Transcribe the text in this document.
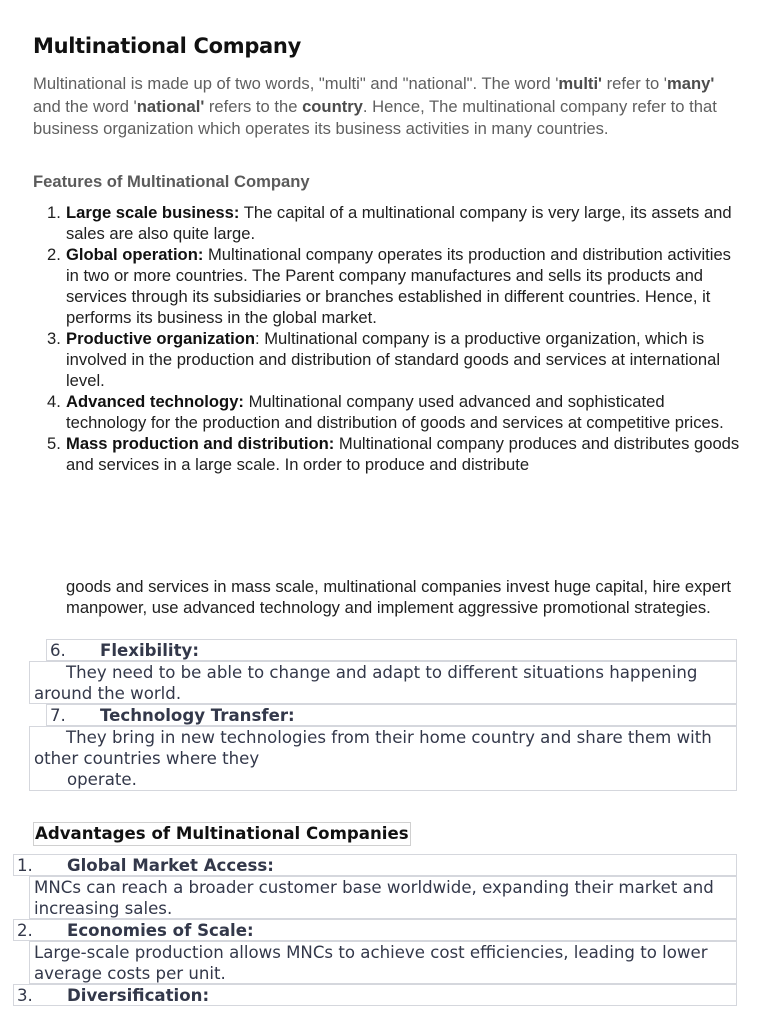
Multinational Company

Multinational is made up of two words, "multi" and "national". The word 'multi' refer to 'many' and the word 'national' refers to the country. Hence, The multinational company refer to that business organization which operates its business activities in many countries.

Features of Multinational Company
1. Large scale business: The capital of a multinational company is very large, its assets and sales are also quite large.
2. Global operation: Multinational company operates its production and distribution activities in two or more countries. The Parent company manufactures and sells its products and services through its subsidiaries or branches established in different countries. Hence, it performs its business in the global market.
3. Productive organization: Multinational company is a productive organization, which is involved in the production and distribution of standard goods and services at international level.
4. Advanced technology: Multinational company used advanced and sophisticated technology for the production and distribution of goods and services at competitive prices.
5. Mass production and distribution: Multinational company produces and distributes goods and services in a large scale. In order to produce and distribute

goods and services in mass scale, multinational companies invest huge capital, hire expert manpower, use advanced technology and implement aggressive promotional strategies.

6.	Flexibility:
They need to be able to change and adapt to different situations happening around the world.
7.	Technology Transfer:
They bring in new technologies from their home country and share them with other countries where they
operate.
Advantages of Multinational Companies
1.	Global Market Access:
MNCs can reach a broader customer base worldwide, expanding their market and increasing sales.
2.	Economies of Scale:
Large-scale production allows MNCs to achieve cost efficiencies, leading to lower average costs per unit.
3.	Diversification:
